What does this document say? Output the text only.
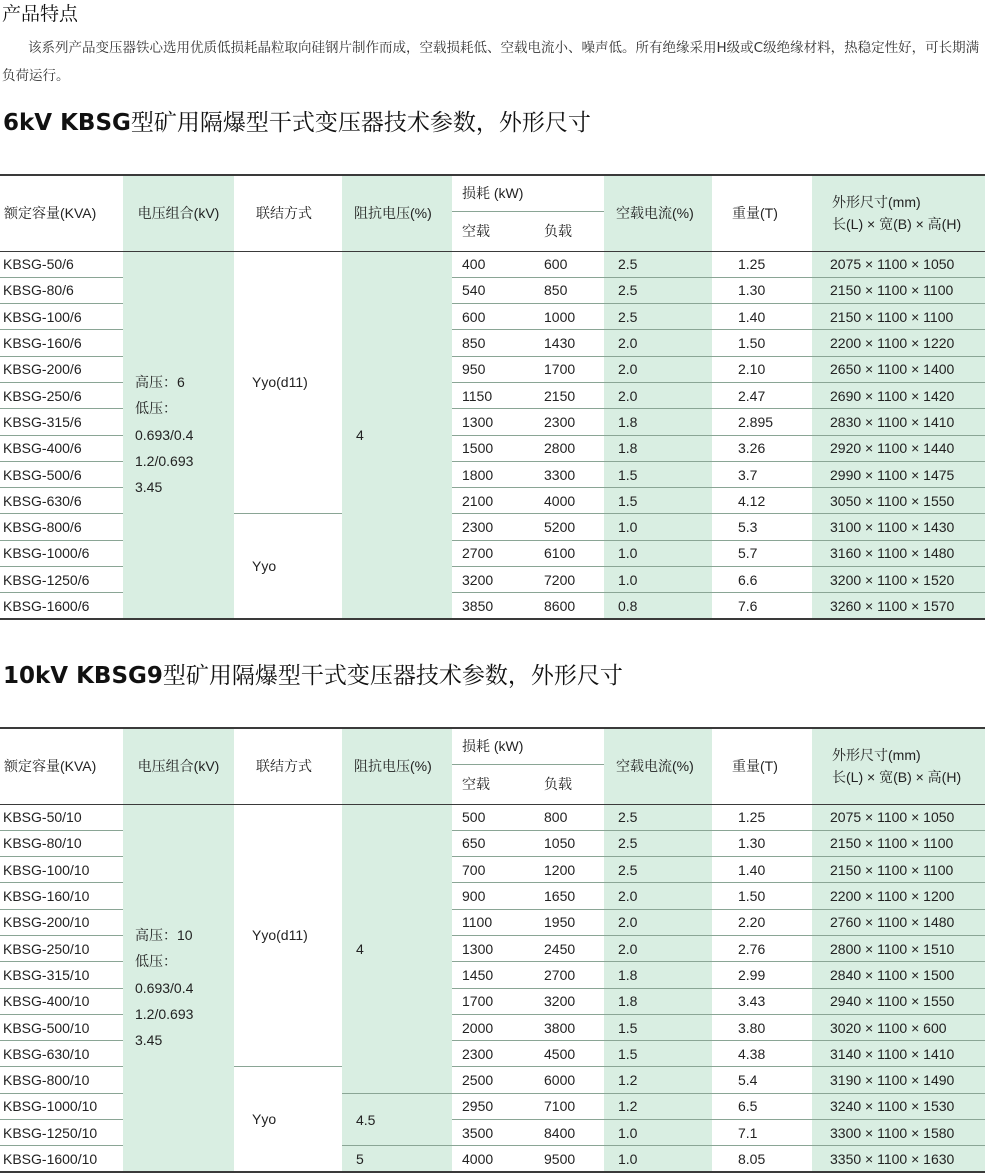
产品特点
该系列产品变压器铁心选用优质低损耗晶粒取向硅钢片制作而成，空载损耗低、空载电流小、噪声低。所有绝缘采用H级或C级绝缘材料，热稳定性好，可长期满负荷运行。
6kV KBSG型矿用隔爆型干式变压器技术参数，外形尺寸
额定容量(KVA)	电压组合(kV)	联结方式	阻抗电压(%)	损耗 (kW)		空载电流(%)	重量(T)	外形尺寸(mm)
长(L) × 宽(B) × 高(H)

				空载	负载			
KBSG-50/6	高压：6
低压：
0.693/0.4
1.2/0.693
3.45	Yyo(d11)	4	400	600	2.5	1.25	2075 × 1100 × 1050
KBSG-80/6				540	850	2.5	1.30	2150 × 1100 × 1100
KBSG-100/6				600	1000	2.5	1.40	2150 × 1100 × 1100
KBSG-160/6				850	1430	2.0	1.50	2200 × 1100 × 1220
KBSG-200/6				950	1700	2.0	2.10	2650 × 1100 × 1400
KBSG-250/6				1150	2150	2.0	2.47	2690 × 1100 × 1420
KBSG-315/6				1300	2300	1.8	2.895	2830 × 1100 × 1410
KBSG-400/6				1500	2800	1.8	3.26	2920 × 1100 × 1440
KBSG-500/6				1800	3300	1.5	3.7	2990 × 1100 × 1475
KBSG-630/6				2100	4000	1.5	4.12	3050 × 1100 × 1550
KBSG-800/6		Yyo		2300	5200	1.0	5.3	3100 × 1100 × 1430
KBSG-1000/6				2700	6100	1.0	5.7	3160 × 1100 × 1480
KBSG-1250/6				3200	7200	1.0	6.6	3200 × 1100 × 1520
KBSG-1600/6				3850	8600	0.8	7.6	3260 × 1100 × 1570
10kV KBSG9型矿用隔爆型干式变压器技术参数，外形尺寸
额定容量(KVA)	电压组合(kV)	联结方式	阻抗电压(%)	损耗 (kW)		空载电流(%)	重量(T)	外形尺寸(mm)
长(L) × 宽(B) × 高(H)

				空载	负载			
KBSG-50/10	高压：10
低压：
0.693/0.4
1.2/0.693
3.45	Yyo(d11)	4	500	800	2.5	1.25	2075 × 1100 × 1050
KBSG-80/10				650	1050	2.5	1.30	2150 × 1100 × 1100
KBSG-100/10				700	1200	2.5	1.40	2150 × 1100 × 1100
KBSG-160/10				900	1650	2.0	1.50	2200 × 1100 × 1200
KBSG-200/10				1100	1950	2.0	2.20	2760 × 1100 × 1480
KBSG-250/10				1300	2450	2.0	2.76	2800 × 1100 × 1510
KBSG-315/10				1450	2700	1.8	2.99	2840 × 1100 × 1500
KBSG-400/10				1700	3200	1.8	3.43	2940 × 1100 × 1550
KBSG-500/10				2000	3800	1.5	3.80	3020 × 1100 × 600
KBSG-630/10				2300	4500	1.5	4.38	3140 × 1100 × 1410
KBSG-800/10		Yyo		2500	6000	1.2	5.4	3190 × 1100 × 1490
KBSG-1000/10			4.5	2950	7100	1.2	6.5	3240 × 1100 × 1530
KBSG-1250/10				3500	8400	1.0	7.1	3300 × 1100 × 1580
KBSG-1600/10			5	4000	9500	1.0	8.05	3350 × 1100 × 1630
